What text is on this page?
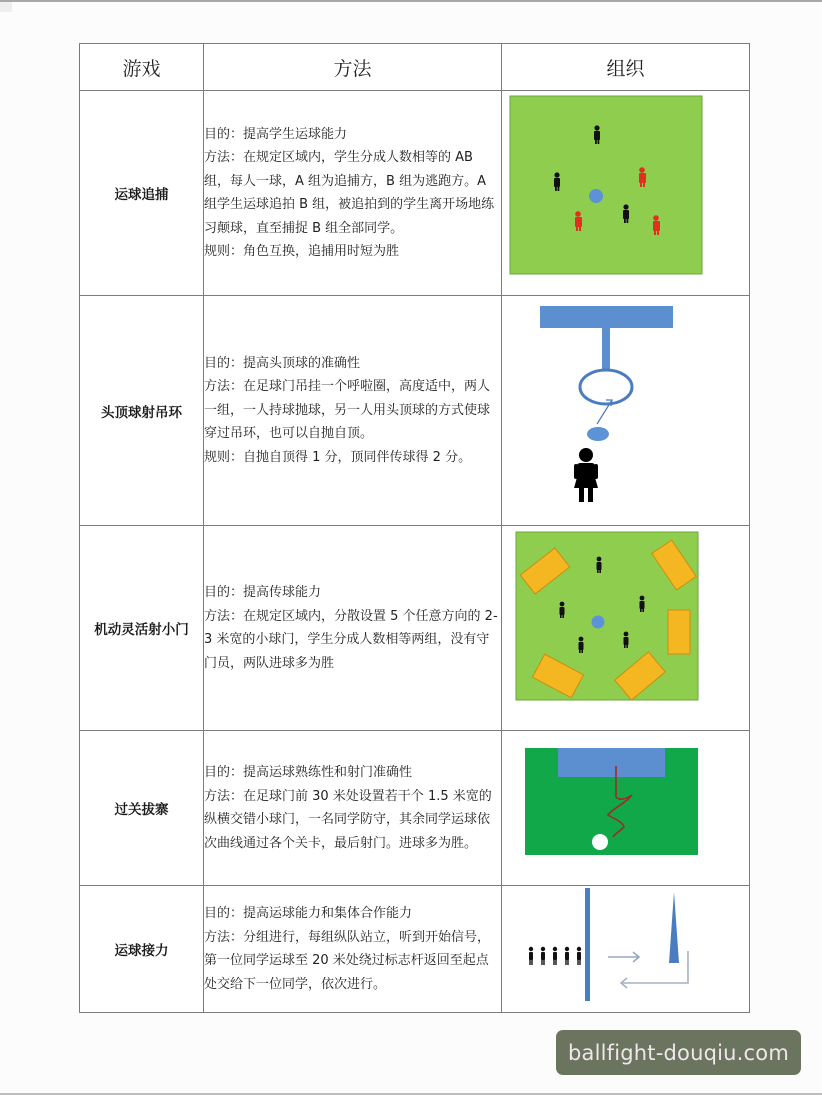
游戏	方法	组织
运球追捕	目的：提高学生运球能力
方法：在规定区域内，学生分成人数相等的 AB 组，每人一球，A 组为追捕方，B 组为逃跑方。A 组学生运球追拍 B 组，被追拍到的学生离开场地练习颠球，直至捕捉 B 组全部同学。
规则：角色互换，追捕用时短为胜

头顶球射吊环	目的：提高头顶球的准确性
方法：在足球门吊挂一个呼啦圈，高度适中，两人一组，一人持球抛球，另一人用头顶球的方式使球穿过吊环，也可以自抛自顶。
规则：自抛自顶得 1 分，顶同伴传球得 2 分。

机动灵活射小门	目的：提高传球能力
方法：在规定区域内，分散设置 5 个任意方向的 2-3 米宽的小球门，学生分成人数相等两组，没有守门员，两队进球多为胜

过关拔寨	目的：提高运球熟练性和射门准确性
方法：在足球门前 30 米处设置若干个 1.5 米宽的纵横交错小球门，一名同学防守，其余同学运球依次曲线通过各个关卡，最后射门。进球多为胜。

运球接力	目的：提高运球能力和集体合作能力
方法：分组进行，每组纵队站立，听到开始信号，第一位同学运球至 20 米处绕过标志杆返回至起点处交给下一位同学，依次进行。

ballfight-douqiu.com
